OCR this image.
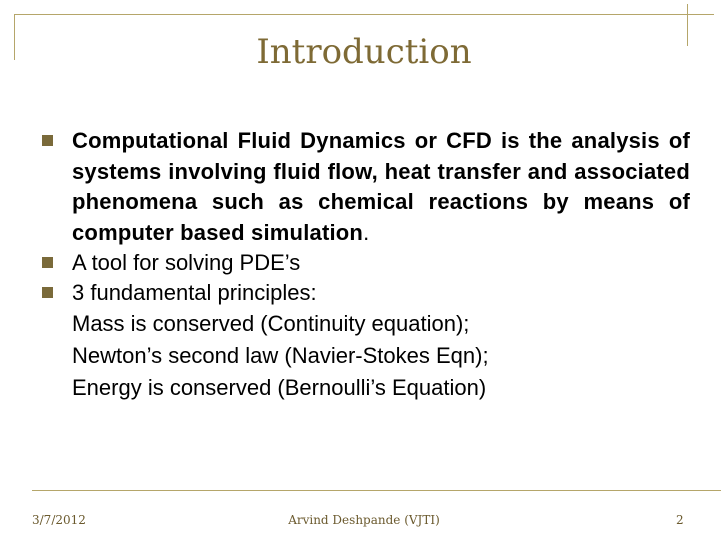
Introduction
Computational Fluid Dynamics or CFD is the analysis of systems involving fluid flow, heat transfer and associated phenomena such as chemical reactions by means of computer based simulation.
A tool for solving PDE’s
3 fundamental principles:
Mass is conserved (Continuity equation);
Newton’s second law (Navier-Stokes Eqn);
Energy is conserved (Bernoulli’s Equation)
3/7/2012	Arvind Deshpande (VJTI)	2
